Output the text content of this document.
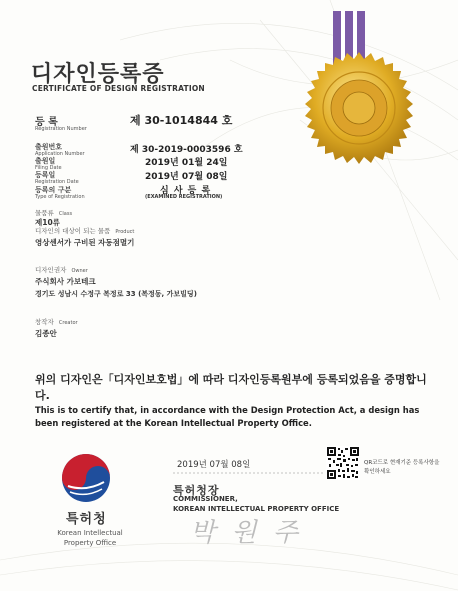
디자인등록증
CERTIFICATE OF DESIGN REGISTRATION
등 록
Registration Number
제 30-1014844 호
출원번호
Application Number	제 30-2019-0003596 호
출원일
Filing Date	2019년 01월 24일
등록일
Registration Date	2019년 07월 08일
등록의 구분
Type of Registration
심 사 등 록
(EXAMINED REGISTRATION)
물품류 Class
제10류
디자인의 대상이 되는 물품 Product
영상센서가 구비된 자동점멸기
디자인권자 Owner
주식회사 가보테크
경기도 성남시 수정구 복정로 33 (복정동, 가보빌딩)
창작자 Creator
김종안
위의 디자인은「디자인보호법」에 따라 디자인등록원부에 등록되었음을 증명합니다.
This is to certify that, in accordance with the Design Protection Act, a design has been registered at the Korean Intellectual Property Office.
2019년 07월 08일
특허청장
COMMISSIONER,
KOREAN INTELLECTUAL PROPERTY OFFICE
박 원 주
QR코드로 현재기준 등록사항을 확인하세요
특허청
Korean Intellectual Property Office
